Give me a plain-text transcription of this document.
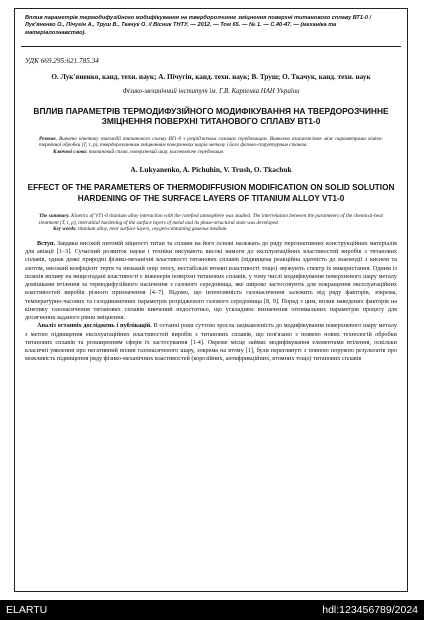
Вплив параметрів термодифузійного модифікування на твердорозчинне зміцнення поверхні титанового сплаву ВТ1-0 / Лук'яненко О., Пічугін А., Труш В., Ткачук О. // Вісник ТНТУ. — 2012. — Том 65. — № 1. — С.40-47. — (механіка та матеріалознавство).
УДК 669.295:621.785.34
О. Лук'яненко, канд. техн. наук; А. Пічугін, канд. техн. наук; В. Труш; О. Ткачук, канд. техн. наук
Фізико-механічний інститут ім. Г.В. Карпенка НАН України
ВПЛИВ ПАРАМЕТРІВ ТЕРМОДИФУЗІЙНОГО МОДИФІКУВАННЯ НА ТВЕРДОРОЗЧИННЕ ЗМІЦНЕННЯ ПОВЕРХНІ ТИТАНОВОГО СПЛАВУ ВТ1-0
Резюме. Вивчено кінетику взаємодії титанового сплаву ВТ1-0 з розрідженим газовим середовищем. Виявлено взаємозв'язок між параметрами хіміко-термічної обробки (Т, τ, р), твердорозчинним зміцненням поверхневих шарів металу і його фазово-структурним станом.
Ключові слова: титановий сплав, поверхневий шар, кисневмісне середовище.
A. Lukyanenko, A. Pichuhin, V. Trush, O. Tkachuk
EFFECT OF THE PARAMETERS OF THERMODIFFUSION MODIFICATION ON SOLID SOLUTION HARDENING OF THE SURFACE LAYERS OF TITANIUM ALLOY VT1-0
The summary. Kinetics of VT1-0 titanium alloy interaction with the rarefied atmosphere was studied. The interrelation between the parameters of the chemical-heat treatment (T, τ, p), interstitial hardening of the surface layers of metal and its phase-structural state was developed.
Key words: titanium alloy, near surface layers, oxygen-containing gaseous medium.

Вступ. Завдяки високій питомій міцності титан та сплави на його основі належать до ряду перспективних конструкційних матеріалів для авіації [1–3]. Сучасний розвиток науки і техніки висувають високі вимоги до експлуатаційних властивостей виробів з титанових сплавів, однак деякі природні фізико-механічні властивості титанових сплавів (підвищена реакційна здатність до взаємодії з киснем та азотом, високий коефіцієнт тертя та низький опір зносу, нестабільні втомні властивості тощо) звужують спектр їх використання. Одним із шляхів впливу на вищезгадані властивості є інженерія поверхні титанових сплавів, у тому числі модифікування поверхневого шару металу домішками втілення за термодифузійного насичення з газового середовища, яке широко застосовують для покращення експлуатаційних властивостей виробів різного призначення [4–7]. Відомо, що інтенсивність газонасичення залежить від ряду факторів, зокрема, температурно-часових та газодинамічних параметрів розрідженого газового середовища [8, 9]. Поряд з цим, вплив наведених факторів на кінетику газонасичення титанових сплавів вивчений недостатньо, що ускладнює визначення оптимальних параметрів процесу для досягнення заданого рівня зміцнення.

Аналіз останніх досліджень і публікацій. В останні роки суттєво зросла зацікавленість до модифікування поверхневого шару металу з метою підвищення експлуатаційних властивостей виробів з титанових сплавів, що пов'язано з появою нових технологій обробки титанових сплавів та розширенням сфери їх застосування [1-4]. Окреме місце займає модифікування елементами втілення, оскільки класичні уявлення про негативний вплив газонасиченого шару, зокрема на втому [1], були переглянуті з повною порукою результатів про можливість підвищення ряду фізико-механічних властивостей (корозійних, антифрикційних, втомних тощо) титанових сплавів

ELARTU	hdl:123456789/2024
